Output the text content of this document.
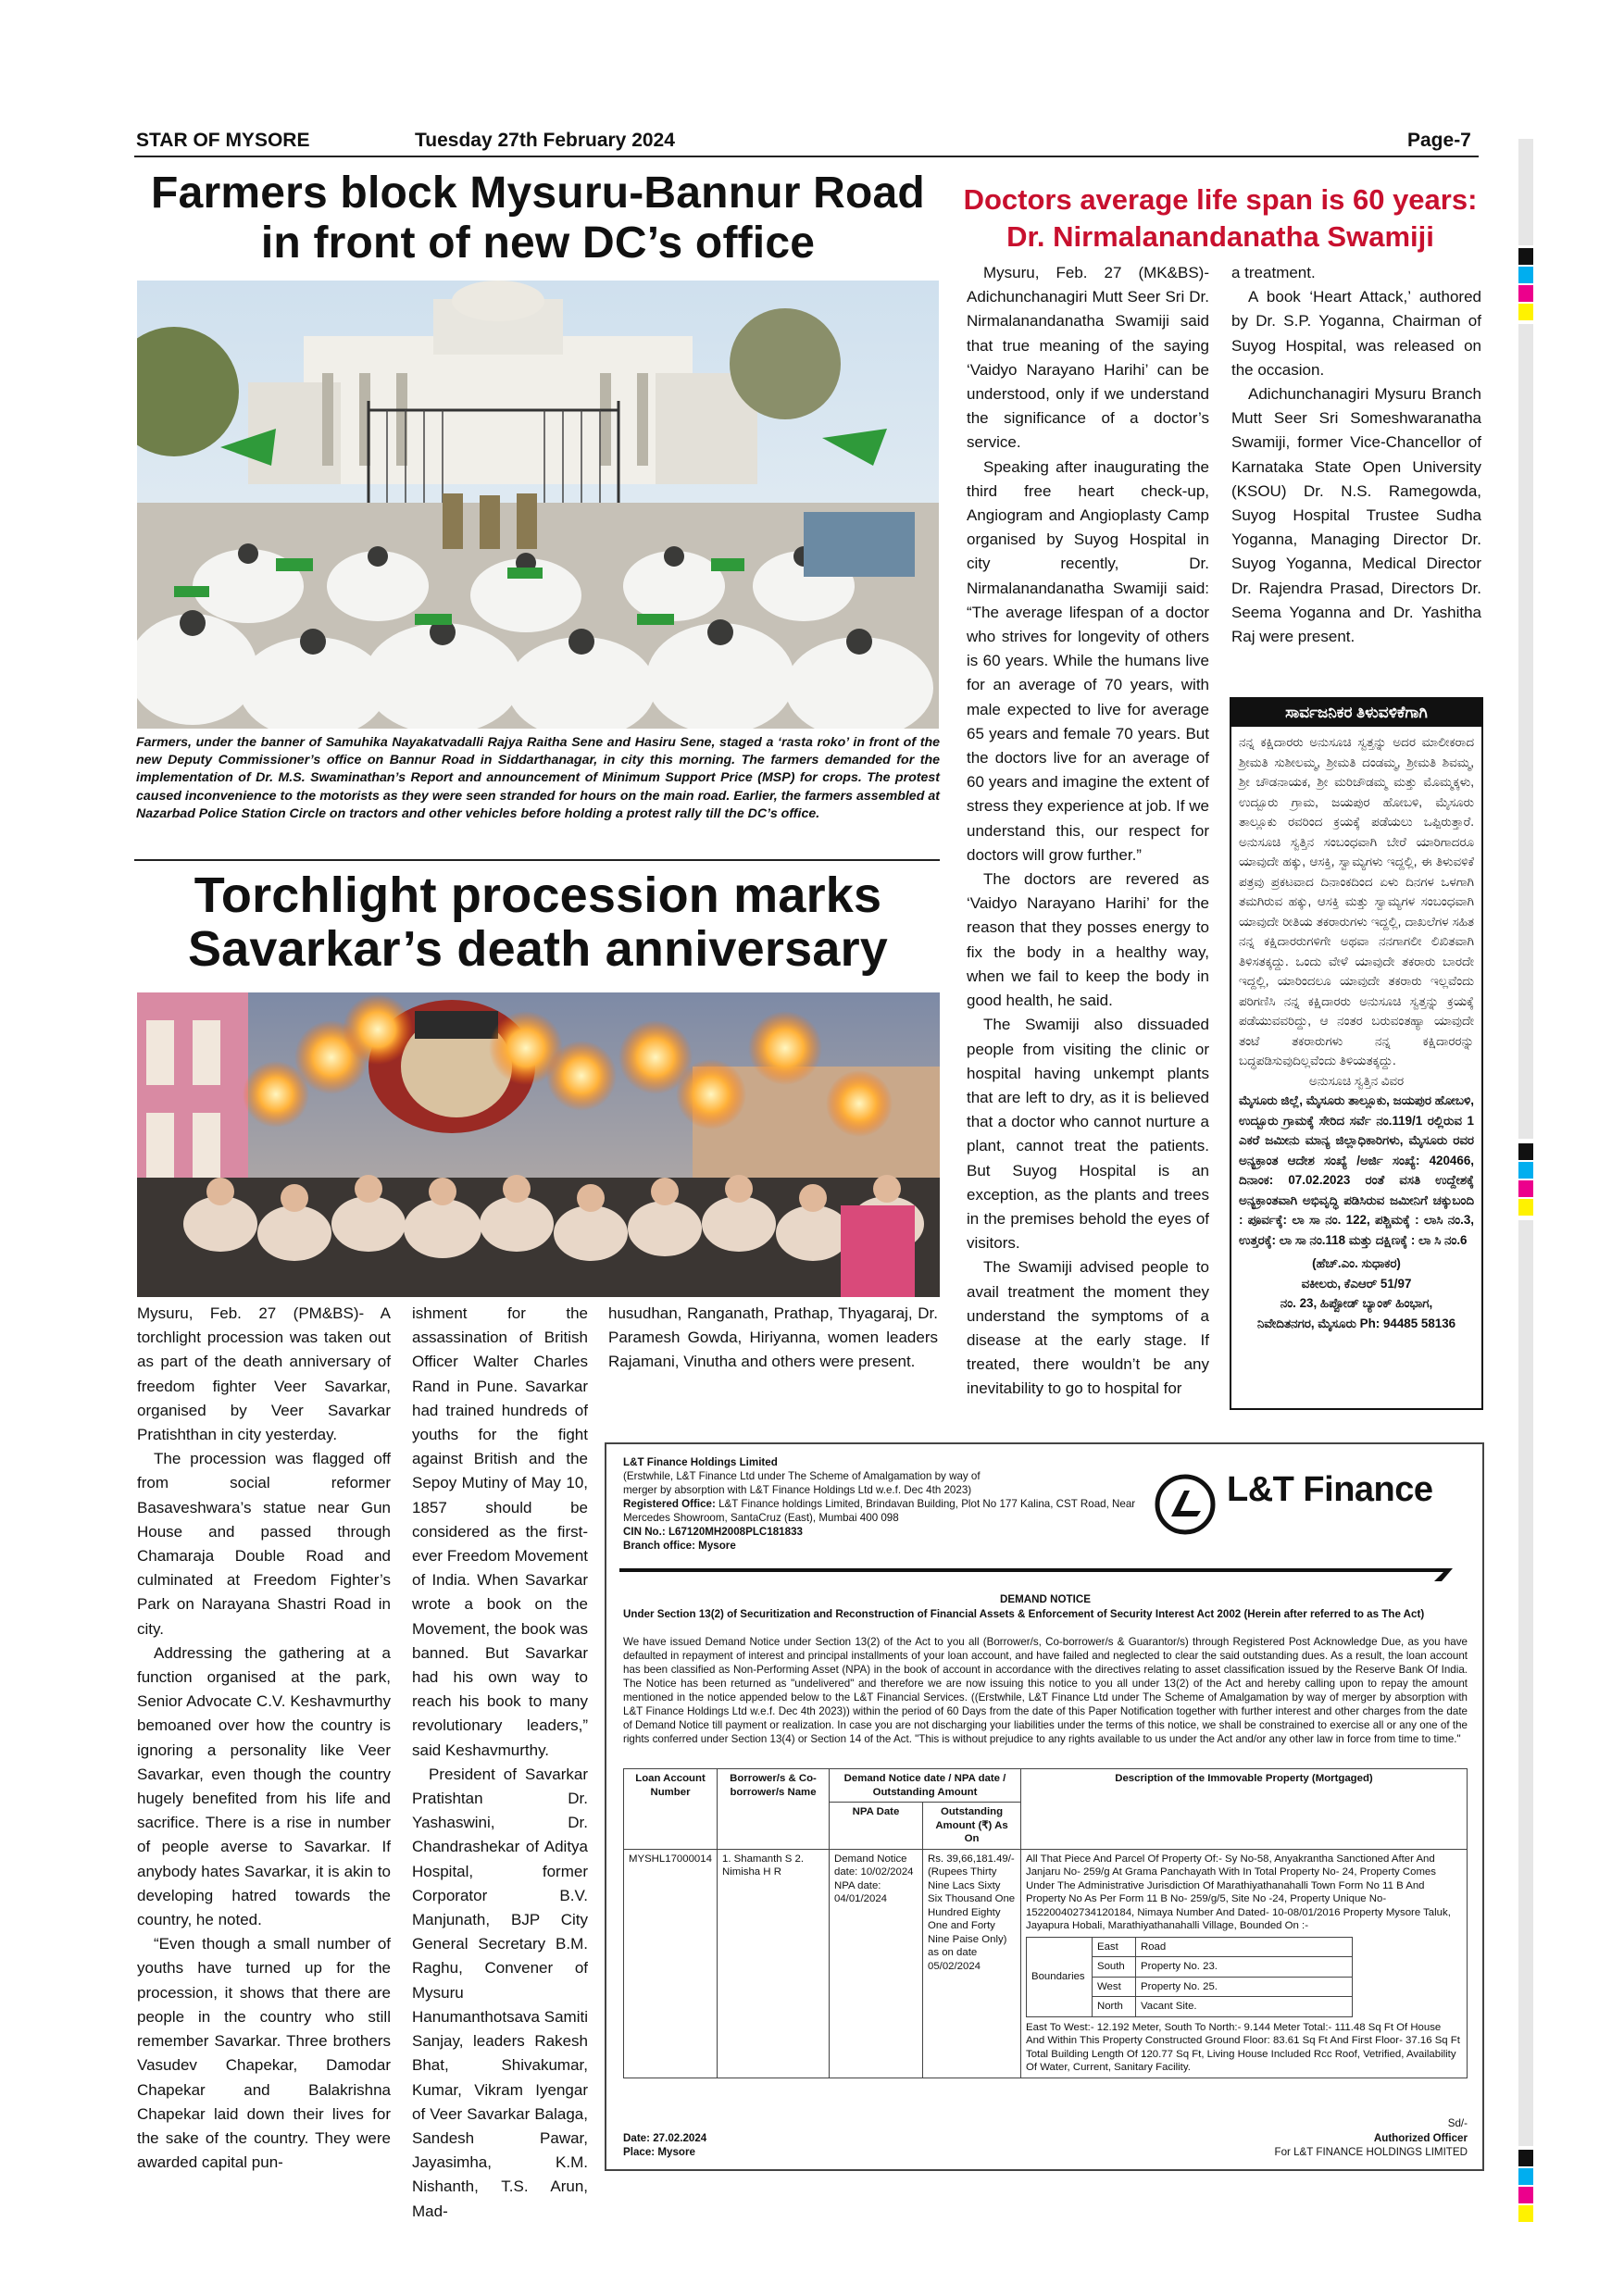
STAR OF MYSORE	Tuesday 27th February 2024	Page-7
Farmers block Mysuru-Bannur Road
in front of new DC’s office
Farmers, under the banner of Samuhika Nayakatvadalli Rajya Raitha Sene and Hasiru Sene, staged a ‘rasta roko’ in front of the new Deputy Commissioner’s office on Bannur Road in Siddarthanagar, in city this morning. The farmers demanded for the implementation of Dr. M.S. Swaminathan’s Report and announcement of Minimum Support Price (MSP) for crops. The protest caused inconvenience to the motorists as they were seen stranded for hours on the main road. Earlier, the farmers assembled at Nazarbad Police Station Circle on tractors and other vehicles before holding a protest rally till the DC’s office.
Torchlight procession marks
Savarkar’s death anniversary

Mysuru, Feb. 27 (PM&BS)- A torchlight procession was taken out as part of the death anniversary of freedom fighter Veer Savarkar, organised by Veer Savarkar Pratishthan in city yesterday.

The procession was flagged off from social reformer Basaveshwara’s statue near Gun House and passed through Chamaraja Double Road and culminated at Freedom Fighter’s Park on Narayana Shastri Road in city.

Addressing the gathering at a function organised at the park, Senior Advocate C.V. Keshavmurthy bemoaned over how the country is ignoring a personality like Veer Savarkar, even though the country hugely benefited from his life and sacrifice. There is a rise in number of people averse to Savarkar. If anybody hates Savarkar, it is akin to developing hatred towards the country, he noted.

“Even though a small number of youths have turned up for the procession, it shows that there are people in the country who still remember Savarkar. Three brothers Vasudev Chapekar, Damodar Chapekar and Balakrishna Chapekar laid down their lives for the sake of the country. They were awarded capital pun-

ishment for the assassination of British Officer Walter Charles Rand in Pune. Savarkar had trained hundreds of youths for the fight against British and the Sepoy Mutiny of May 10, 1857 should be considered as the first-ever Freedom Movement of India. When Savarkar wrote a book on the Movement, the book was banned. But Savarkar had his own way to reach his book to many revolutionary leaders,” said Keshavmurthy.

President of Savarkar Pratishtan Dr. Yashaswini, Dr. Chandrashekar of Aditya Hospital, former Corporator B.V. Manjunath, BJP City General Secretary B.M. Raghu, Convener of Mysuru Hanumanthotsava Samiti Sanjay, leaders Rakesh Bhat, Shivakumar, Kumar, Vikram Iyengar of Veer Savarkar Balaga, Sandesh Pawar, Jayasimha, K.M. Nishanth, T.S. Arun, Mad-

husudhan, Ranganath, Prathap, Thyagaraj, Dr. Paramesh Gowda, Hiriyanna, women leaders Rajamani, Vinutha and others were present.

Doctors average life span is 60 years:
Dr. Nirmalanandanatha Swamiji

Mysuru, Feb. 27 (MK&BS)- Adichunchanagiri Mutt Seer Sri Dr. Nirmalanandanatha Swamiji said that true meaning of the saying ‘Vaidyo Narayano Harihi’ can be understood, only if we understand the significance of a doctor’s service.

Speaking after inaugurating the third free heart check-up, Angiogram and Angioplasty Camp organised by Suyog Hospital in city recently, Dr. Nirmalanandanatha Swamiji said: “The average lifespan of a doctor who strives for longevity of others is 60 years. While the humans live for an average of 70 years, with male expected to live for average 65 years and female 70 years. But the doctors live for an average of 60 years and imagine the extent of stress they experience at job. If we understand this, our respect for doctors will grow further.”

The doctors are revered as ‘Vaidyo Narayano Harihi’ for the reason that they posses energy to fix the body in a healthy way, when we fail to keep the body in good health, he said.

The Swamiji also dissuaded people from visiting the clinic or hospital having unkempt plants that are left to dry, as it is believed that a doctor who cannot nurture a plant, cannot treat the patients. But Suyog Hospital is an exception, as the plants and trees in the premises behold the eyes of visitors.

The Swamiji advised people to avail treatment the moment they understand the symptoms of a disease at the early stage. If treated, there wouldn’t be any inevitability to go to hospital for

a treatment.

A book ‘Heart Attack,’ authored by Dr. S.P. Yoganna, Chairman of Suyog Hospital, was released on the occasion.

Adichunchanagiri Mysuru Branch Mutt Seer Sri Someshwaranatha Swamiji, former Vice-Chancellor of Karnataka State Open University (KSOU) Dr. N.S. Ramegowda, Suyog Hospital Trustee Sudha Yoganna, Managing Director Dr. Suyog Yoganna, Medical Director Dr. Rajendra Prasad, Directors Dr. Seema Yoganna and Dr. Yashitha Raj were present.

ಸಾರ್ವಜನಿಕರ ತಿಳುವಳಿಕೆಗಾಗಿ

ನನ್ನ ಕಕ್ಷಿದಾರರು ಅನುಸೂಚಿ ಸ್ವತ್ತನ್ನು ಅದರ ಮಾಲೀಕರಾದ ಶ್ರೀಮತಿ ಸುಶೀಲಮ್ಮ, ಶ್ರೀಮತಿ ದಂಡಮ್ಮ, ಶ್ರೀಮತಿ ಶಿವಮ್ಮ, ಶ್ರೀ ಚೌಡನಾಯಕ, ಶ್ರೀ ಮರಿಚೌಡಮ್ಮ ಮತ್ತು ಮೊಮ್ಮಕ್ಕಳು, ಉದ್ಬೂರು ಗ್ರಾಮ, ಜಯಪುರ ಹೋಬಳಿ, ಮೈಸೂರು ತಾಲ್ಲೂಕು ರವರಿಂದ ಕ್ರಯಕ್ಕೆ ಪಡೆಯಲು ಒಪ್ಪಿರುತ್ತಾರೆ. ಅನುಸೂಚಿ ಸ್ವತ್ತಿನ ಸಂಬಂಧವಾಗಿ ಬೇರೆ ಯಾರಿಗಾದರೂ ಯಾವುದೇ ಹಕ್ಕು, ಆಸಕ್ತಿ, ಸ್ವಾಮ್ಯಗಳು ಇದ್ದಲ್ಲಿ, ಈ ತಿಳುವಳಿಕೆ ಪತ್ರವು ಪ್ರಕಟವಾದ ದಿನಾಂಕದಿಂದ ಏಳು ದಿನಗಳ ಒಳಗಾಗಿ ತಮಗಿರುವ ಹಕ್ಕು, ಆಸಕ್ತಿ ಮತ್ತು ಸ್ವಾಮ್ಯಗಳ ಸಂಬಂಧವಾಗಿ ಯಾವುದೇ ರೀತಿಯ ತಕರಾರುಗಳು ಇದ್ದಲ್ಲಿ, ದಾಖಲೆಗಳ ಸಹಿತ ನನ್ನ ಕಕ್ಷಿದಾರರುಗಳಿಗೇ ಅಥವಾ ನನಗಾಗಲೀ ಲಿಖಿತವಾಗಿ ತಿಳಿಸತಕ್ಕದ್ದು. ಒಂದು ವೇಳೆ ಯಾವುದೇ ತಕರಾರು ಬಾರದೇ ಇದ್ದಲ್ಲಿ, ಯಾರಿಂದಲೂ ಯಾವುದೇ ತಕರಾರು ಇಲ್ಲವೆಂದು ಪರಿಗಣಿಸಿ ನನ್ನ ಕಕ್ಷಿದಾರರು ಅನುಸೂಚಿ ಸ್ವತ್ತನ್ನು ಕ್ರಯಕ್ಕೆ ಪಡೆಯುವವರಿದ್ದು, ಆ ನಂತರ ಬರುವಂತಹ್ಯಾ ಯಾವುದೇ ತಂಟೆ ತಕರಾರುಗಳು ನನ್ನ ಕಕ್ಷಿದಾರರನ್ನು ಬದ್ಧಪಡಿಸುವುದಿಲ್ಲವೆಂದು ತಿಳಿಯತಕ್ಕದ್ದು.

ಅನುಸೂಚಿ ಸ್ವತ್ತಿನ ವಿವರ

ಮೈಸೂರು ಜಿಲ್ಲೆ, ಮೈಸೂರು ತಾಲ್ಲೂಕು, ಜಯಪುರ ಹೋಬಳಿ, ಉದ್ಬೂರು ಗ್ರಾಮಕ್ಕೆ ಸೇರಿದ ಸರ್ವೆ ನಂ.119/1 ರಲ್ಲಿರುವ 1 ಎಕರೆ ಜಮೀನು ಮಾನ್ಯ ಜಿಲ್ಲಾಧಿಕಾರಿಗಳು, ಮೈಸೂರು ರವರ ಅನ್ಯಕ್ರಾಂತ ಆದೇಶ ಸಂಖ್ಯೆ /ಅರ್ಜಿ ಸಂಖ್ಯೆ: 420466, ದಿನಾಂಕ: 07.02.2023 ರಂತೆ ವಸತಿ ಉದ್ದೇಶಕ್ಕೆ ಅನ್ಯಕ್ರಾಂತವಾಗಿ ಅಭಿವೃದ್ಧಿ ಪಡಿಸಿರುವ ಜಮೀನಿಗೆ ಚಕ್ಕುಬಂದಿ : ಪೂರ್ವಕ್ಕೆ: ಲಾ ಸಾ ನಂ. 122, ಪಶ್ಚಿಮಕ್ಕೆ : ಲಾಸಿ ನಂ.3, ಉತ್ತರಕ್ಕೆ: ಲಾ ಸಾ ನಂ.118 ಮತ್ತು ದಕ್ಷಿಣಕ್ಕೆ : ಲಾ ಸಿ ನಂ.6

(ಹೆಚ್.ಎಂ. ಸುಧಾಕರ)

ವಕೀಲರು, ಕೆಎಆರ್ 51/97

ನಂ. 23, ಹಿಪ್ಪೋಡ್ ಬ್ಯಾಂಕ್ ಹಿಂಭಾಗ,

ನಿವೇದಿತನಗರ, ಮೈಸೂರು Ph: 94485 58136

L&T Finance Holdings Limited
(Erstwhile, L&T Finance Ltd under The Scheme of Amalgamation by way of
merger by absorption with L&T Finance Holdings Ltd w.e.f. Dec 4th 2023)
Registered Office: L&T Finance holdings Limited, Brindavan Building, Plot No 177 Kalina, CST Road, Near Mercedes Showroom, SantaCruz (East), Mumbai 400 098
CIN No.: L67120MH2008PLC181833
Branch office: Mysore
L&T Finance
DEMAND NOTICE
Under Section 13(2) of Securitization and Reconstruction of Financial Assets & Enforcement of Security Interest Act 2002 (Herein after referred to as The Act)
We have issued Demand Notice under Section 13(2) of the Act to you all (Borrower/s, Co-borrower/s & Guarantor/s) through Registered Post Acknowledge Due, as you have defaulted in repayment of interest and principal installments of your loan account, and have failed and neglected to clear the said outstanding dues. As a result, the loan account has been classified as Non-Performing Asset (NPA) in the book of account in accordance with the directives relating to asset classification issued by the Reserve Bank Of India. The Notice has been returned as "undelivered" and therefore we are now issuing this notice to you all under 13(2) of the Act and hereby calling upon to repay the amount mentioned in the notice appended below to the L&T Financial Services. ((Erstwhile, L&T Finance Ltd under The Scheme of Amalgamation by way of merger by absorption with L&T Finance Holdings Ltd w.e.f. Dec 4th 2023)) within the period of 60 Days from the date of this Paper Notification together with further interest and other charges from the date of Demand Notice till payment or realization. In case you are not discharging your liabilities under the terms of this notice, we shall be constrained to exercise all or any one of the rights conferred under Section 13(4) or Section 14 of the Act. "This is without prejudice to any rights available to us under the Act and/or any other law in force from time to time."
Loan Account Number	Borrower/s & Co-borrower/s Name	Demand Notice date / NPA date / Outstanding Amount	Description of the Immovable Property (Mortgaged)
NPA Date	Outstanding Amount (₹) As On
MYSHL17000014	1. Shamanth S 2. Nimisha H R	Demand Notice date: 10/02/2024 NPA date: 04/01/2024	Rs. 39,66,181.49/- (Rupees Thirty Nine Lacs Sixty Six Thousand One Hundred Eighty One and Forty Nine Paise Only) as on date 05/02/2024	
All That Piece And Parcel Of Property Of:- Sy No-58, Anyakrantha Sanctioned After And Janjaru No- 259/g At Grama Panchayath With In Total Property No- 24, Property Comes Under The Administrative Jurisdiction Of Marathiyathanahalli Town Form No 11 B And Property No As Per Form 11 B No- 259/g/5, Site No -24, Property Unique No- 152200402734120184, Nimaya Number And Dated- 10-08/01/2016 Property Mysore Taluk, Jayapura Hobali, Marathiyathanahalli Village, Bounded On :-
Boundaries	East	Road
South	Property No. 23.
West	Property No. 25.
North	Vacant Site.
East To West:- 12.192 Meter, South To North:- 9.144 Meter Total:- 111.48 Sq Ft Of House And Within This Property Constructed Ground Floor: 83.61 Sq Ft And First Floor- 37.16 Sq Ft Total Building Length Of 120.77 Sq Ft, Living House Included Rcc Roof, Vetrified, Availability Of Water, Current, Sanitary Facility.
Date: 27.02.2024
Place: Mysore
Sd/-
Authorized Officer
For L&T FINANCE HOLDINGS LIMITED
